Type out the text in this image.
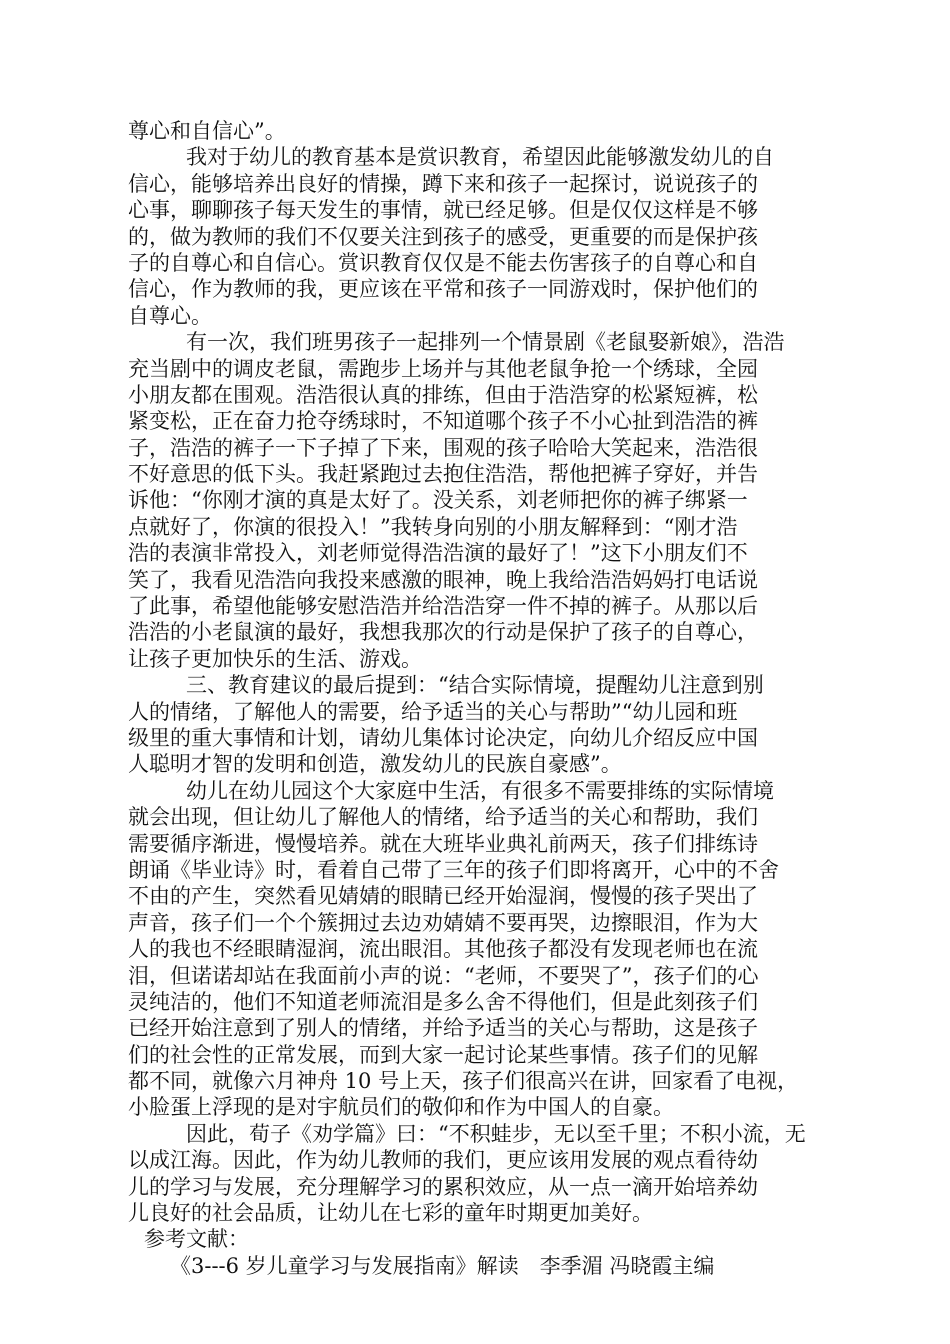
尊心和自信心”。
我对于幼儿的教育基本是赏识教育，希望因此能够激发幼儿的自
信心，能够培养出良好的情操，蹲下来和孩子一起探讨，说说孩子的
心事，聊聊孩子每天发生的事情，就已经足够。但是仅仅这样是不够
的，做为教师的我们不仅要关注到孩子的感受，更重要的而是保护孩
子的自尊心和自信心。赏识教育仅仅是不能去伤害孩子的自尊心和自
信心，作为教师的我，更应该在平常和孩子一同游戏时，保护他们的
自尊心。
有一次，我们班男孩子一起排列一个情景剧《老鼠娶新娘》，浩浩
充当剧中的调皮老鼠，需跑步上场并与其他老鼠争抢一个绣球，全园
小朋友都在围观。浩浩很认真的排练，但由于浩浩穿的松紧短裤，松
紧变松，正在奋力抢夺绣球时，不知道哪个孩子不小心扯到浩浩的裤
子，浩浩的裤子一下子掉了下来，围观的孩子哈哈大笑起来，浩浩很
不好意思的低下头。我赶紧跑过去抱住浩浩，帮他把裤子穿好，并告
诉他：“你刚才演的真是太好了。没关系，刘老师把你的裤子绑紧一
点就好了，你演的很投入！”我转身向别的小朋友解释到：“刚才浩
浩的表演非常投入，刘老师觉得浩浩演的最好了！”这下小朋友们不
笑了，我看见浩浩向我投来感激的眼神，晚上我给浩浩妈妈打电话说
了此事，希望他能够安慰浩浩并给浩浩穿一件不掉的裤子。从那以后
浩浩的小老鼠演的最好，我想我那次的行动是保护了孩子的自尊心，
让孩子更加快乐的生活、游戏。
三、教育建议的最后提到：“结合实际情境，提醒幼儿注意到别
人的情绪，了解他人的需要，给予适当的关心与帮助”“幼儿园和班
级里的重大事情和计划，请幼儿集体讨论决定，向幼儿介绍反应中国
人聪明才智的发明和创造，激发幼儿的民族自豪感”。
幼儿在幼儿园这个大家庭中生活，有很多不需要排练的实际情境
就会出现，但让幼儿了解他人的情绪，给予适当的关心和帮助，我们
需要循序渐进，慢慢培养。就在大班毕业典礼前两天，孩子们排练诗
朗诵《毕业诗》时，看着自己带了三年的孩子们即将离开，心中的不舍
不由的产生，突然看见婧婧的眼睛已经开始湿润，慢慢的孩子哭出了
声音，孩子们一个个簇拥过去边劝婧婧不要再哭，边擦眼泪，作为大
人的我也不经眼睛湿润，流出眼泪。其他孩子都没有发现老师也在流
泪，但诺诺却站在我面前小声的说：“老师，不要哭了”，孩子们的心
灵纯洁的，他们不知道老师流泪是多么舍不得他们，但是此刻孩子们
已经开始注意到了别人的情绪，并给予适当的关心与帮助，这是孩子
们的社会性的正常发展，而到大家一起讨论某些事情。孩子们的见解
都不同，就像六月神舟 10 号上天，孩子们很高兴在讲，回家看了电视，
小脸蛋上浮现的是对宇航员们的敬仰和作为中国人的自豪。
因此，荀子《劝学篇》曰：“不积蛙步，无以至千里；不积小流，无
以成江海。因此，作为幼儿教师的我们，更应该用发展的观点看待幼
儿的学习与发展，充分理解学习的累积效应，从一点一滴开始培养幼
儿良好的社会品质，让幼儿在七彩的童年时期更加美好。
参考文献：
《3---6 岁儿童学习与发展指南》解读　李季湄 冯晓霞主编
